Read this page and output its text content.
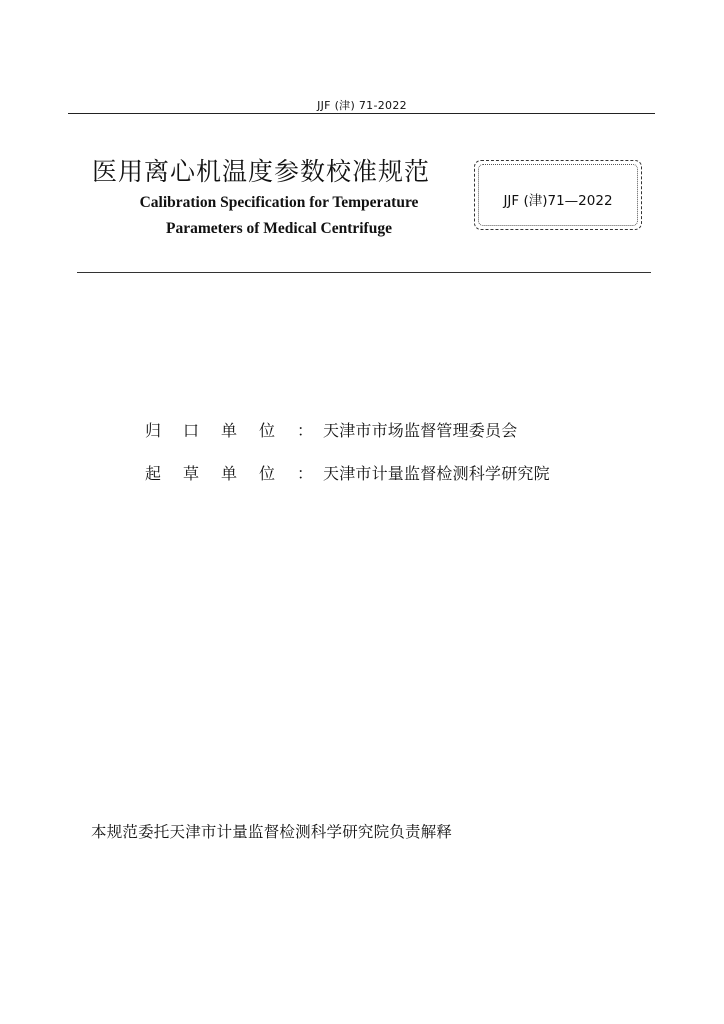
JJF (津) 71-2022
医用离心机温度参数校准规范
Calibration Specification for Temperature
Parameters of Medical Centrifuge
JJF (津)71—2022
归口单位 ： 天津市市场监督管理委员会
起草单位 ： 天津市计量监督检测科学研究院
本规范委托天津市计量监督检测科学研究院负责解释
